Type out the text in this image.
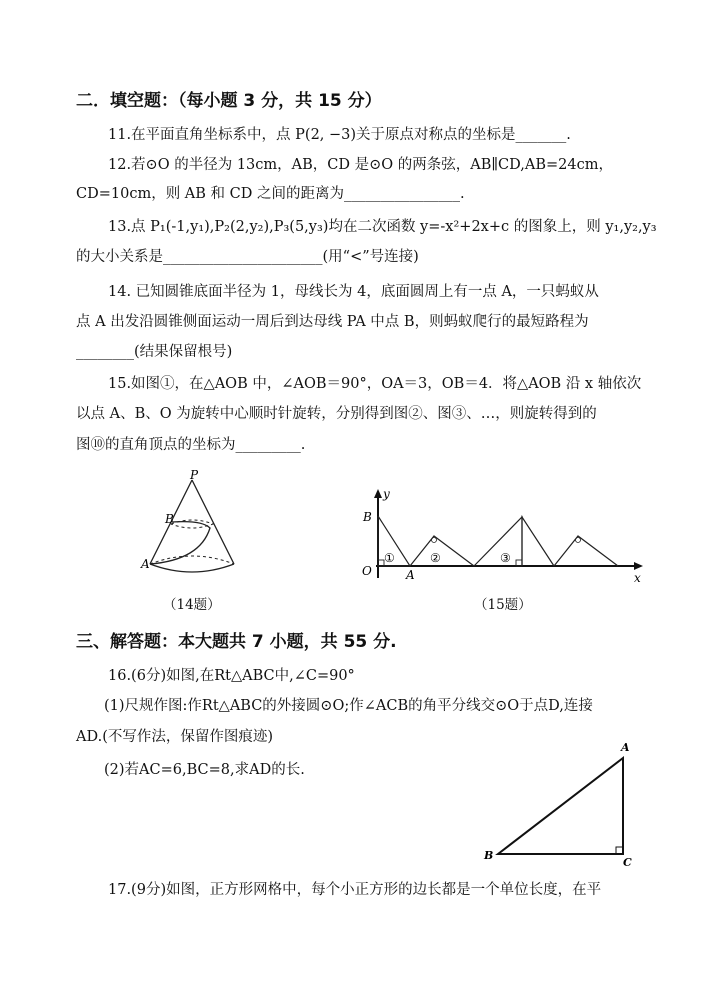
二．填空题：（每小题 3 分，共 15 分）
11.在平面直角坐标系中，点 P(2, −3)关于原点对称点的坐标是_______.
12.若⊙O 的半径为 13cm，AB，CD 是⊙O 的两条弦，AB∥CD,AB=24cm，
CD=10cm，则 AB 和 CD 之间的距离为________________.
13.点 P₁(-1,y₁),P₂(2,y₂),P₃(5,y₃)均在二次函数 y=-x²+2x+c 的图象上，则 y₁,y₂,y₃
的大小关系是______________________(用“<”号连接)
14. 已知圆锥底面半径为 1，母线长为 4，底面圆周上有一点 A，一只蚂蚁从
点 A 出发沿圆锥侧面运动一周后到达母线 PA 中点 B，则蚂蚁爬行的最短路程为
________(结果保留根号)
15.如图①，在△AOB 中，∠AOB＝90°，OA＝3，OB＝4．将△AOB 沿 x 轴依次
以点 A、B、O 为旋转中心顺时针旋转，分别得到图②、图③、…，则旋转得到的
图⑩的直角顶点的坐标为_________.
P
B
A
（14题）
y
B
O	A	x
①	②	③
（15题）
三、解答题：本大题共 7 小题，共 55 分.
16.(6分)如图,在Rt△ABC中,∠C=90°
(1)尺规作图:作Rt△ABC的外接圆⊙O;作∠ACB的角平分线交⊙O于点D,连接
AD.(不写作法，保留作图痕迹)
(2)若AC=6,BC=8,求AD的长.
A
B
C
17.(9分)如图，正方形网格中，每个小正方形的边长都是一个单位长度，在平
